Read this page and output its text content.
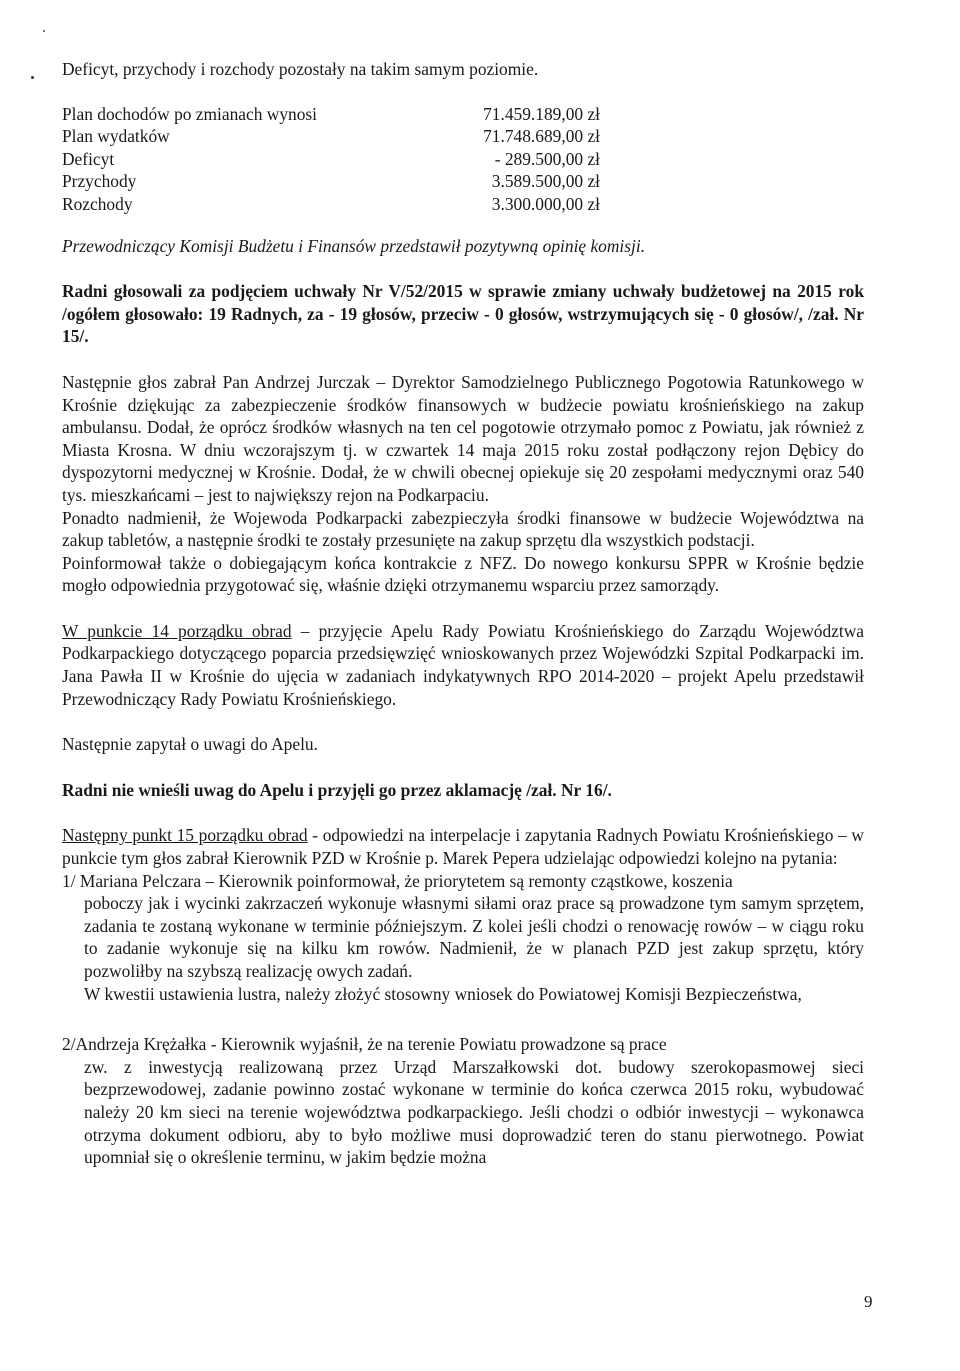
Deficyt, przychody i rozchody pozostały na takim samym poziomie.

Plan dochodów po zmianach wynosi	71.459.189,00 zł
Plan wydatków	71.748.689,00 zł
Deficyt	- 289.500,00 zł
Przychody	3.589.500,00 zł
Rozchody	3.300.000,00 zł

Przewodniczący Komisji Budżetu i Finansów przedstawił pozytywną opinię komisji.

Radni głosowali za podjęciem uchwały Nr V/52/2015 w sprawie zmiany uchwały budżetowej na 2015 rok /ogółem głosowało: 19 Radnych, za - 19 głosów, przeciw - 0 głosów, wstrzymujących się - 0 głosów/, /zał. Nr 15/.

Następnie głos zabrał Pan Andrzej Jurczak – Dyrektor Samodzielnego Publicznego Pogotowia Ratunkowego w Krośnie dziękując za zabezpieczenie środków finansowych w budżecie powiatu krośnieńskiego na zakup ambulansu. Dodał, że oprócz środków własnych na ten cel pogotowie otrzymało pomoc z Powiatu, jak również z Miasta Krosna. W dniu wczorajszym tj. w czwartek 14 maja 2015 roku został podłączony rejon Dębicy do dyspozytorni medycznej w Krośnie. Dodał, że w chwili obecnej opiekuje się 20 zespołami medycznymi oraz 540 tys. mieszkańcami – jest to największy rejon na Podkarpaciu.

Ponadto nadmienił, że Wojewoda Podkarpacki zabezpieczyła środki finansowe w budżecie Województwa na zakup tabletów, a następnie środki te zostały przesunięte na zakup sprzętu dla wszystkich podstacji.

Poinformował także o dobiegającym końca kontrakcie z NFZ. Do nowego konkursu SPPR w Krośnie będzie mogło odpowiednia przygotować się, właśnie dzięki otrzymanemu wsparciu przez samorządy.

W punkcie 14 porządku obrad – przyjęcie Apelu Rady Powiatu Krośnieńskiego do Zarządu Województwa Podkarpackiego dotyczącego poparcia przedsięwzięć wnioskowanych przez Wojewódzki Szpital Podkarpacki im. Jana Pawła II w Krośnie do ujęcia w zadaniach indykatywnych RPO 2014-2020 – projekt Apelu przedstawił Przewodniczący Rady Powiatu Krośnieńskiego.

Następnie zapytał o uwagi do Apelu.

Radni nie wnieśli uwag do Apelu i przyjęli go przez aklamację /zał. Nr 16/.

Następny punkt 15 porządku obrad - odpowiedzi na interpelacje i zapytania Radnych Powiatu Krośnieńskiego – w punkcie tym głos zabrał Kierownik PZD w Krośnie p. Marek Pepera udzielając odpowiedzi kolejno na pytania:

1/ Mariana Pelczara – Kierownik poinformował, że priorytetem są remonty cząstkowe, koszenia

poboczy jak i wycinki zakrzaczeń wykonuje własnymi siłami oraz prace są prowadzone tym samym sprzętem, zadania te zostaną wykonane w terminie późniejszym. Z kolei jeśli chodzi o renowację rowów – w ciągu roku to zadanie wykonuje się na kilku km rowów. Nadmienił, że w planach PZD jest zakup sprzętu, który pozwoliłby na szybszą realizację owych zadań.

W kwestii ustawienia lustra, należy złożyć stosowny wniosek do Powiatowej Komisji Bezpieczeństwa,

2/Andrzeja Krężałka - Kierownik wyjaśnił, że na terenie Powiatu prowadzone są prace

zw. z inwestycją realizowaną przez Urząd Marszałkowski dot. budowy szerokopasmowej sieci bezprzewodowej, zadanie powinno zostać wykonane w terminie do końca czerwca 2015 roku, wybudować należy 20 km sieci na terenie województwa podkarpackiego. Jeśli chodzi o odbiór inwestycji – wykonawca otrzyma dokument odbioru, aby to było możliwe musi doprowadzić teren do stanu pierwotnego. Powiat upomniał się o określenie terminu, w jakim będzie można

9
